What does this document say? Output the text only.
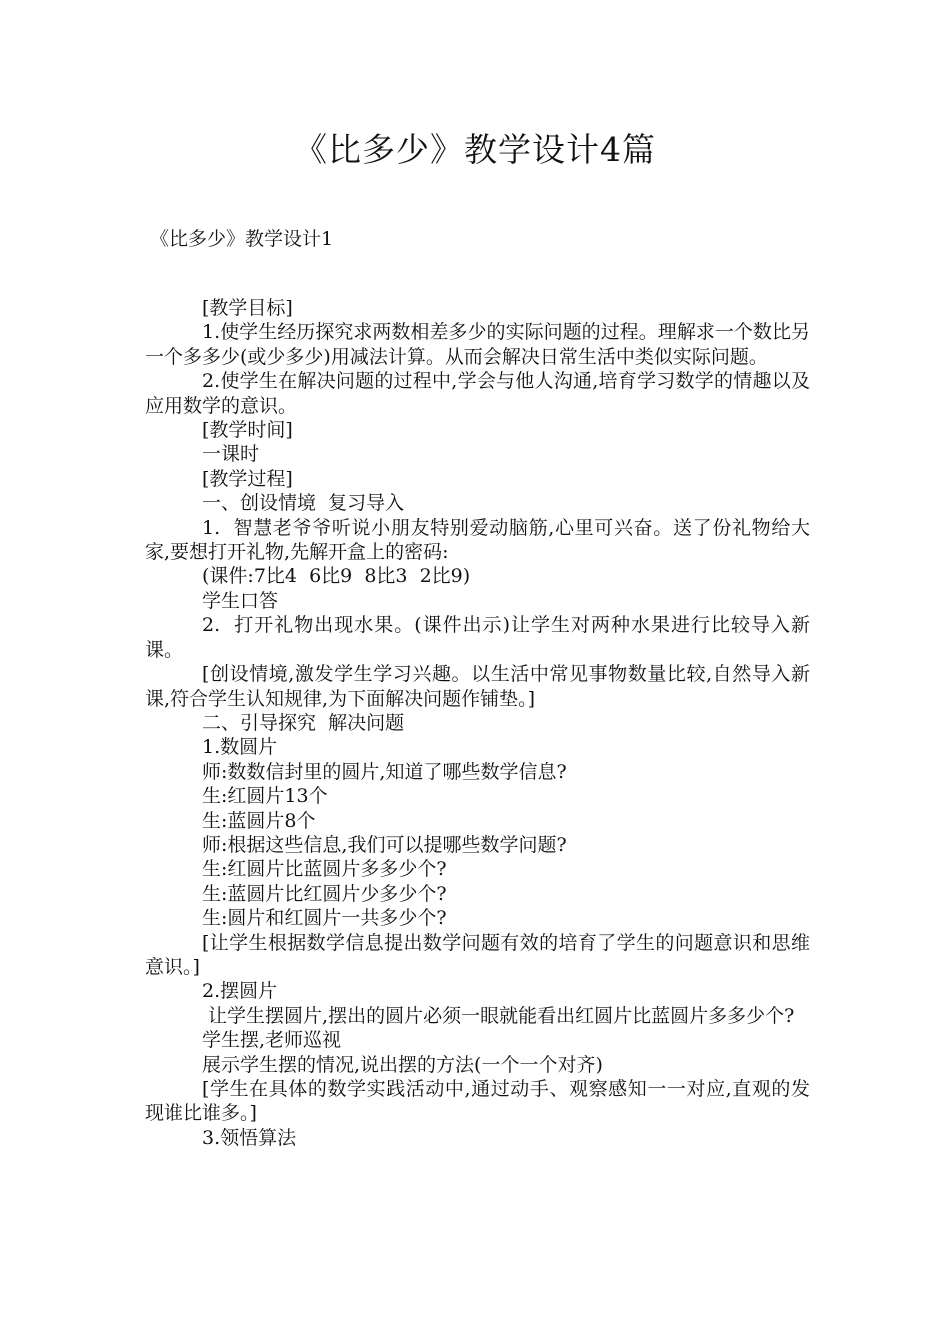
《比多少》教学设计4篇
《比多少》教学设计1

[教学目标]

1.使学生经历探究求两数相差多少的实际问题的过程。理解求一个数比另一个多多少(或少多少)用减法计算。从而会解决日常生活中类似实际问题。

2.使学生在解决问题的过程中,学会与他人沟通,培育学习数学的情趣以及应用数学的意识。

[教学时间]

一课时

[教学过程]

一、创设情境  复习导入

1.  智慧老爷爷听说小朋友特别爱动脑筋,心里可兴奋。送了份礼物给大家,要想打开礼物,先解开盒上的密码:

(课件:7比4  6比9  8比3  2比9)

学生口答

2.  打开礼物出现水果。(课件出示)让学生对两种水果进行比较导入新课。

[创设情境,激发学生学习兴趣。以生活中常见事物数量比较,自然导入新课,符合学生认知规律,为下面解决问题作铺垫。]

二、引导探究  解决问题

1.数圆片

师:数数信封里的圆片,知道了哪些数学信息?

生:红圆片13个

生:蓝圆片8个

师:根据这些信息,我们可以提哪些数学问题?

生:红圆片比蓝圆片多多少个?

生:蓝圆片比红圆片少多少个?

生:圆片和红圆片一共多少个?

[让学生根据数学信息提出数学问题有效的培育了学生的问题意识和思维意识。]

2.摆圆片

让学生摆圆片,摆出的圆片必须一眼就能看出红圆片比蓝圆片多多少个?

学生摆,老师巡视

展示学生摆的情况,说出摆的方法(一个一个对齐)

[学生在具体的数学实践活动中,通过动手、观察感知一一对应,直观的发现谁比谁多。]

3.领悟算法
